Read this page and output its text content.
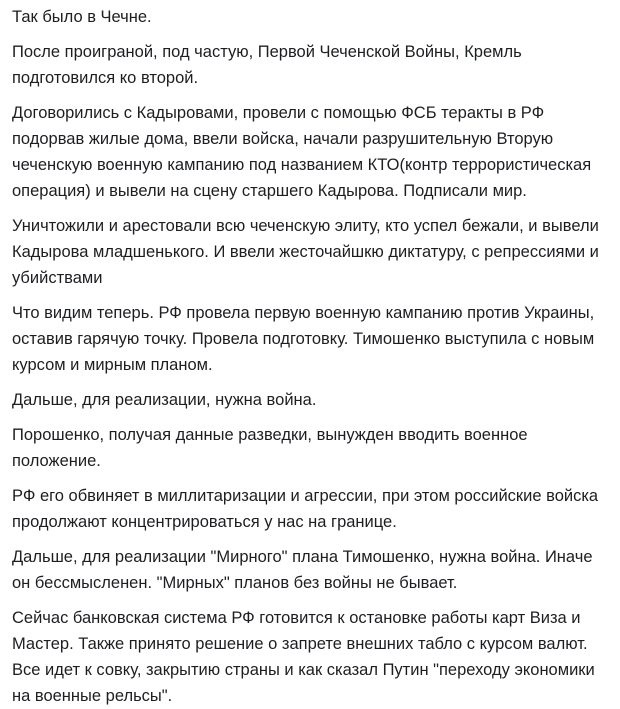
Так было в Чечне.

После проиграной, под частую, Первой Чеченской Войны, Кремль подготовился ко второй.

Договорились с Кадыровами, провели с помощью ФСБ теракты в РФ подорвав жилые дома, ввели войска, начали разрушительную Вторую чеченскую военную кампанию под названием КТО(контр террористическая операция) и вывели на сцену старшего Кадырова. Подписали мир.

Уничтожили и арестовали всю чеченскую элиту, кто успел бежали, и вывели Кадырова младшенького. И ввели жесточайшкю диктатуру, с репрессиями и убийствами

Что видим теперь. РФ провела первую военную кампанию против Украины, оставив гарячую точку. Провела подготовку. Тимошенко выступила с новым курсом и мирным планом.

Дальше, для реализации, нужна война.

Порошенко, получая данные разведки, вынужден вводить военное положение.

РФ его обвиняет в миллитаризации и агрессии, при этом российские войска продолжают концентрироваться у нас на границе.

Дальше, для реализации "Мирного" плана Тимошенко, нужна война. Иначе он бессмысленен. "Мирных" планов без войны не бывает.

Сейчас банковская система РФ готовится к остановке работы карт Виза и Мастер. Также принято решение о запрете внешних табло с курсом валют. Все идет к совку, закрытию страны и как сказал Путин "переходу экономики на военные рельсы".
